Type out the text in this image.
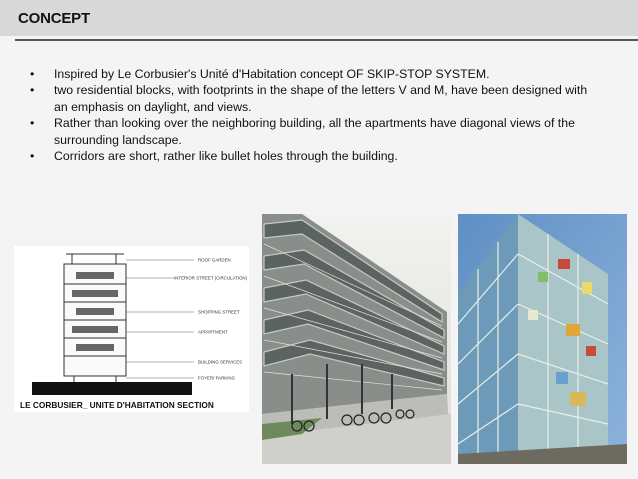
CONCEPT
• Inspired by Le Corbusier's Unité d'Habitation concept OF SKIP-STOP SYSTEM.
• two residential blocks, with footprints in the shape of the letters V and M, have been designed with an emphasis on daylight, and views.
• Rather than looking over the neighboring building, all the apartments have diagonal views of the surrounding landscape.
• Corridors are short, rather like bullet holes through the building.
ROOF GARDEN
INTERIOR STREET (CIRCULATION)
SHOPPING STREET
APPARTMENT
BUILDING SERVICES
FOYER/ PARKING
LE CORBUSIER_ UNITE D'HABITATION SECTION
